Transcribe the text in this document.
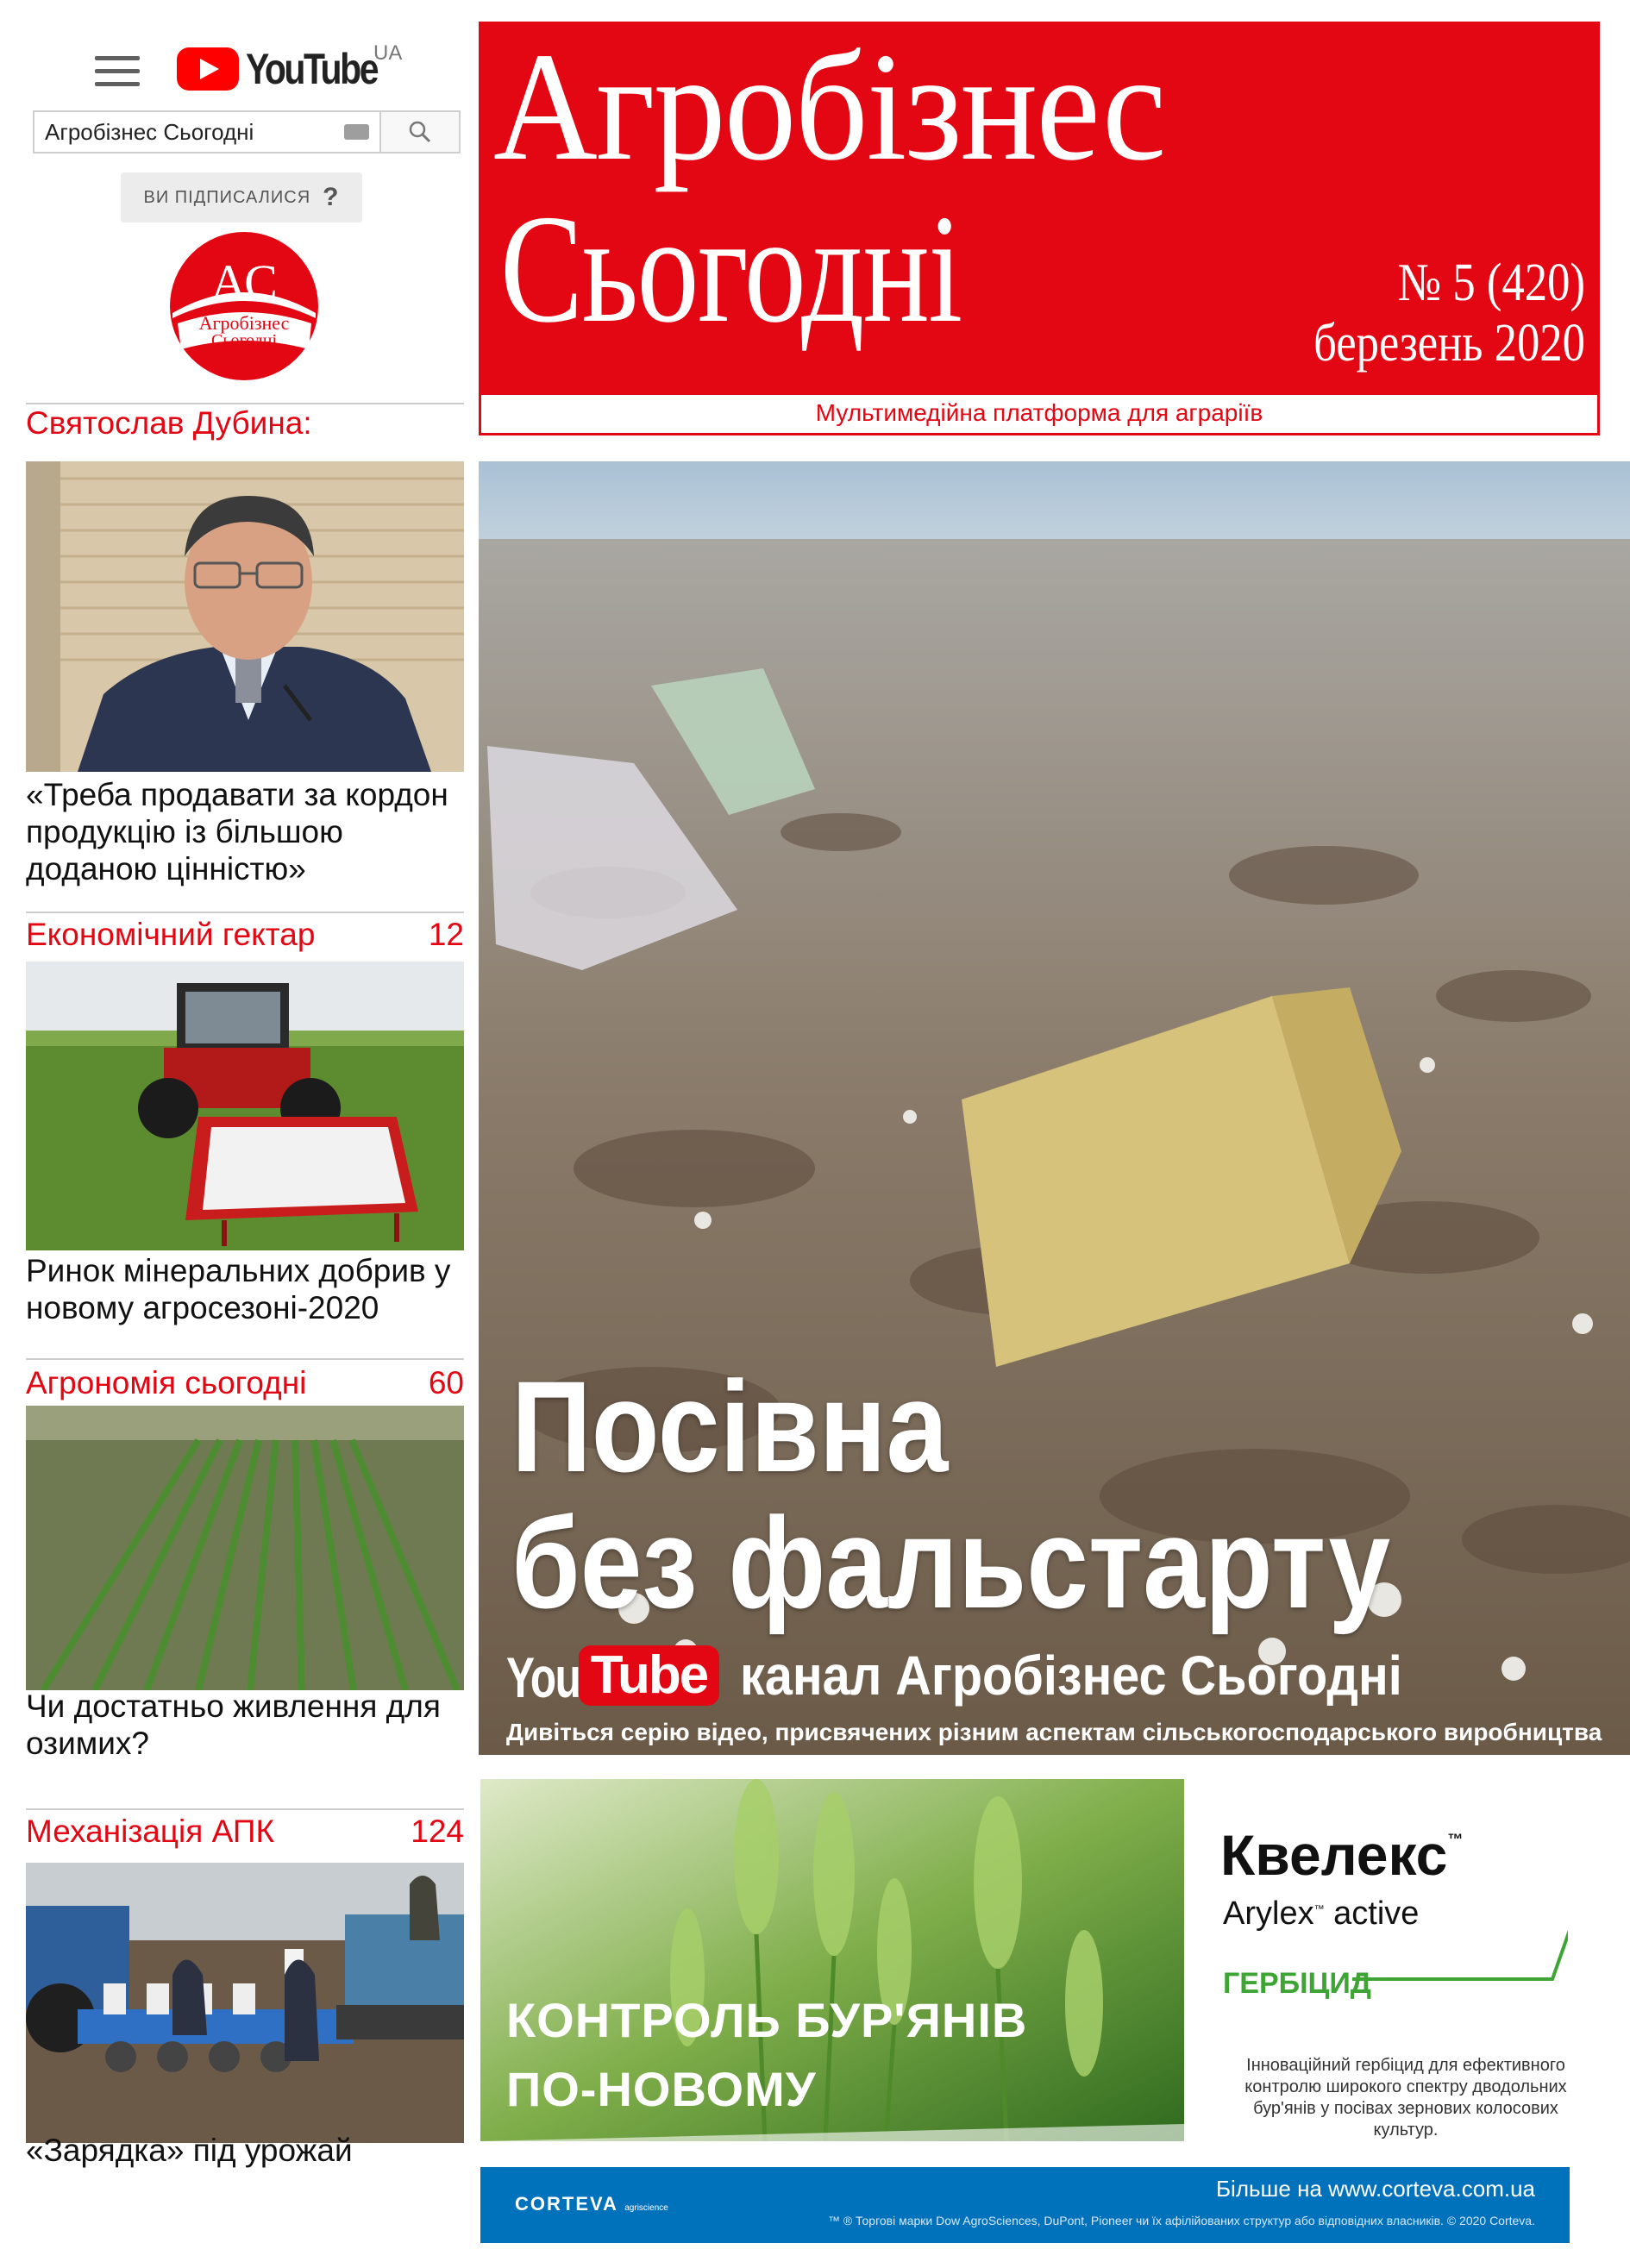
YouTube
UA
Агробізнес Сьогодні
ВИ ПІДПИСАЛИСЯ ?
АС
Агробізнес
Сьогодні
Святослав Дубина:
«Треба продавати за кордон продукцію із більшою доданою цінністю»
Економічний гектар	12
Ринок мінеральних добрив у новому агросезоні-2020
Агрономія сьогодні	60
Чи достатньо живлення для озимих?
Механізація АПК	124
«Зарядка» під урожай
Агробізнес
Сьогодні	№ 5 (420)
березень 2020
Мультимедійна платформа для аграріїв
Посівна
без фальстарту
You Tube канал Агробізнес Сьогодні
Дивіться серію відео, присвячених різним аспектам сільськогосподарського виробництва
КОНТРОЛЬ БУР'ЯНІВ
ПО-НОВОМУ
Квелекс™
Arylex™ active
ГЕРБІЦИД
Інноваційний гербіцид для ефективного контролю широкого спектру дводольних бур'янів у посівах зернових колосових культур.
CORTEVA agriscience
Більше на www.corteva.com.ua
™ ® Торгові марки Dow AgroSciences, DuPont, Pioneer чи їх афілійованих структур або відповідних власників. © 2020 Corteva.
